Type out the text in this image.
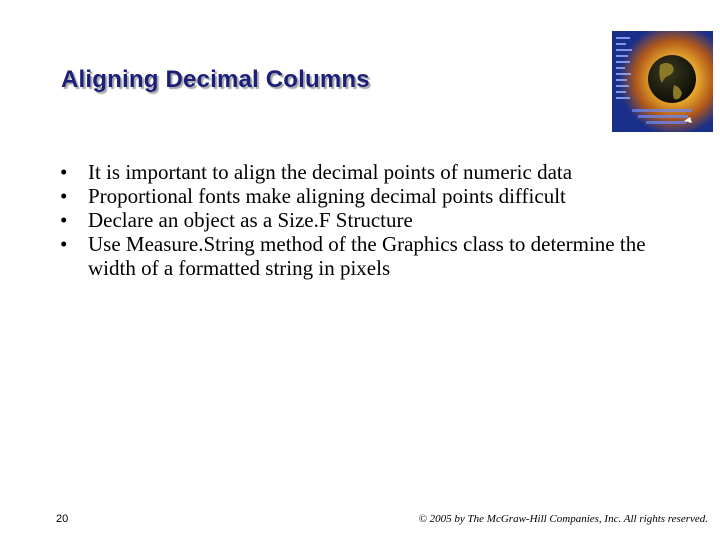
Aligning Decimal Columns
• It is important to align the decimal points of numeric data
• Proportional fonts make aligning decimal points difficult
• Declare an object as a Size.F Structure
• Use Measure.String method of the Graphics class to determine the width of a formatted string in pixels
20	© 2005 by The McGraw-Hill Companies, Inc. All rights reserved.
